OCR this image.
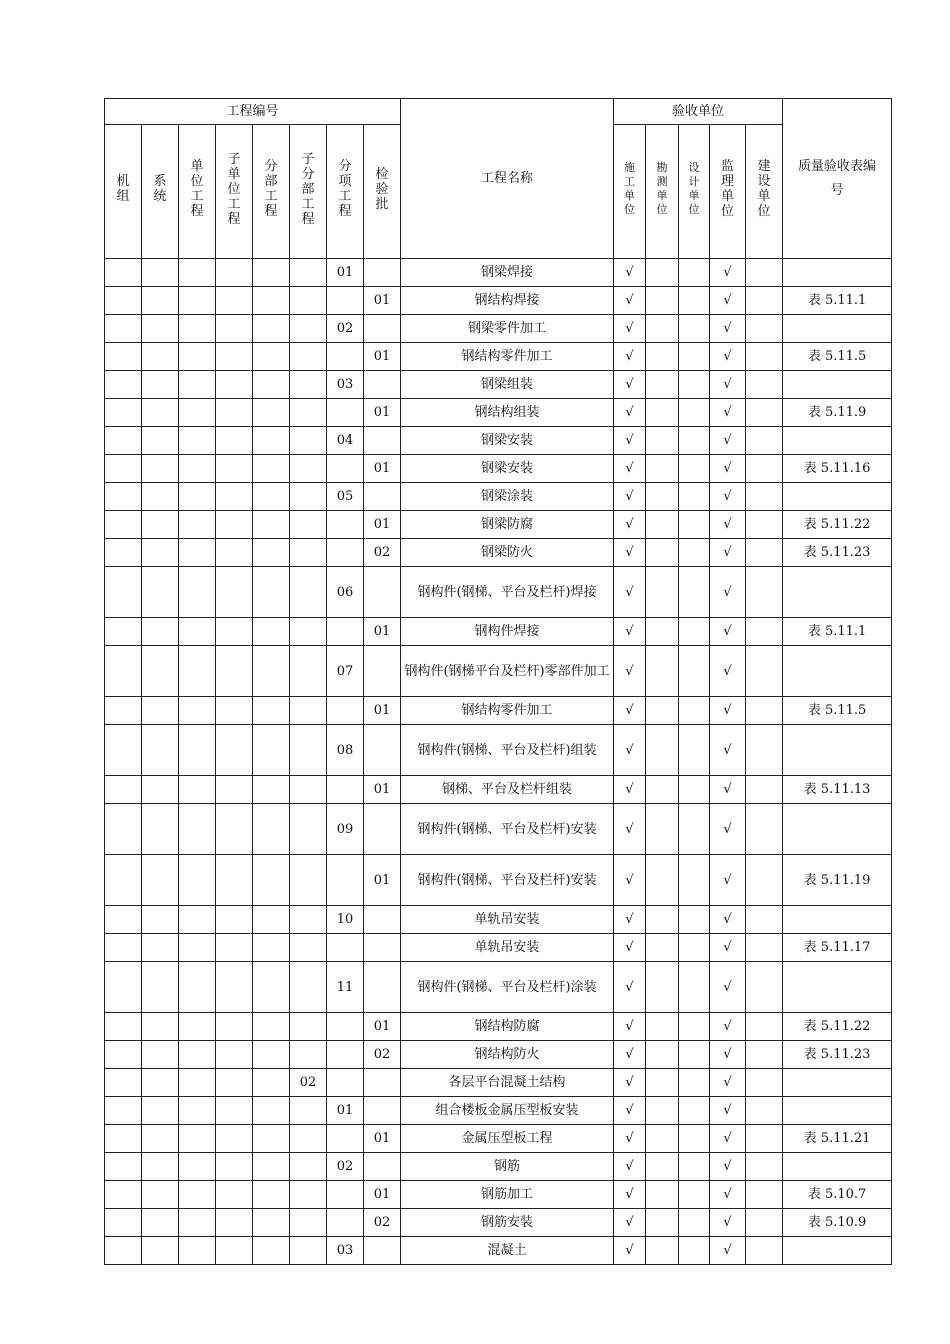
工程编号								工程名称	验收单位					质量验收表编号
机组	系统	单位工程	子单位工程	分部工程	子分部工程	分项工程	检验批		施工单位	勘测单位	设计单位	监理单位	建设单位	
						01		钢梁焊接	√			√		
							01	钢结构焊接	√			√		表 5.11.1
						02		钢梁零件加工	√			√		
							01	钢结构零件加工	√			√		表 5.11.5
						03		钢梁组装	√			√		
							01	钢结构组装	√			√		表 5.11.9
						04		钢梁安装	√			√		
							01	钢梁安装	√			√		表 5.11.16
						05		钢梁涂装	√			√		
							01	钢梁防腐	√			√		表 5.11.22
							02	钢梁防火	√			√		表 5.11.23
						06		钢构件(钢梯、平台及栏杆)焊接	√			√		
							01	钢构件焊接	√			√		表 5.11.1
						07		钢构件(钢梯平台及栏杆)零部件加工	√			√		
							01	钢结构零件加工	√			√		表 5.11.5
						08		钢构件(钢梯、平台及栏杆)组装	√			√		
							01	钢梯、平台及栏杆组装	√			√		表 5.11.13
						09		钢构件(钢梯、平台及栏杆)安装	√			√		
							01	钢构件(钢梯、平台及栏杆)安装	√			√		表 5.11.19
						10		单轨吊安装	√			√		
								单轨吊安装	√			√		表 5.11.17
						11		钢构件(钢梯、平台及栏杆)涂装	√			√		
							01	钢结构防腐	√			√		表 5.11.22
							02	钢结构防火	√			√		表 5.11.23
					02			各层平台混凝土结构	√			√		
						01		组合楼板金属压型板安装	√			√		
							01	金属压型板工程	√			√		表 5.11.21
						02		钢筋	√			√		
							01	钢筋加工	√			√		表 5.10.7
							02	钢筋安装	√			√		表 5.10.9
						03		混凝土	√			√		
